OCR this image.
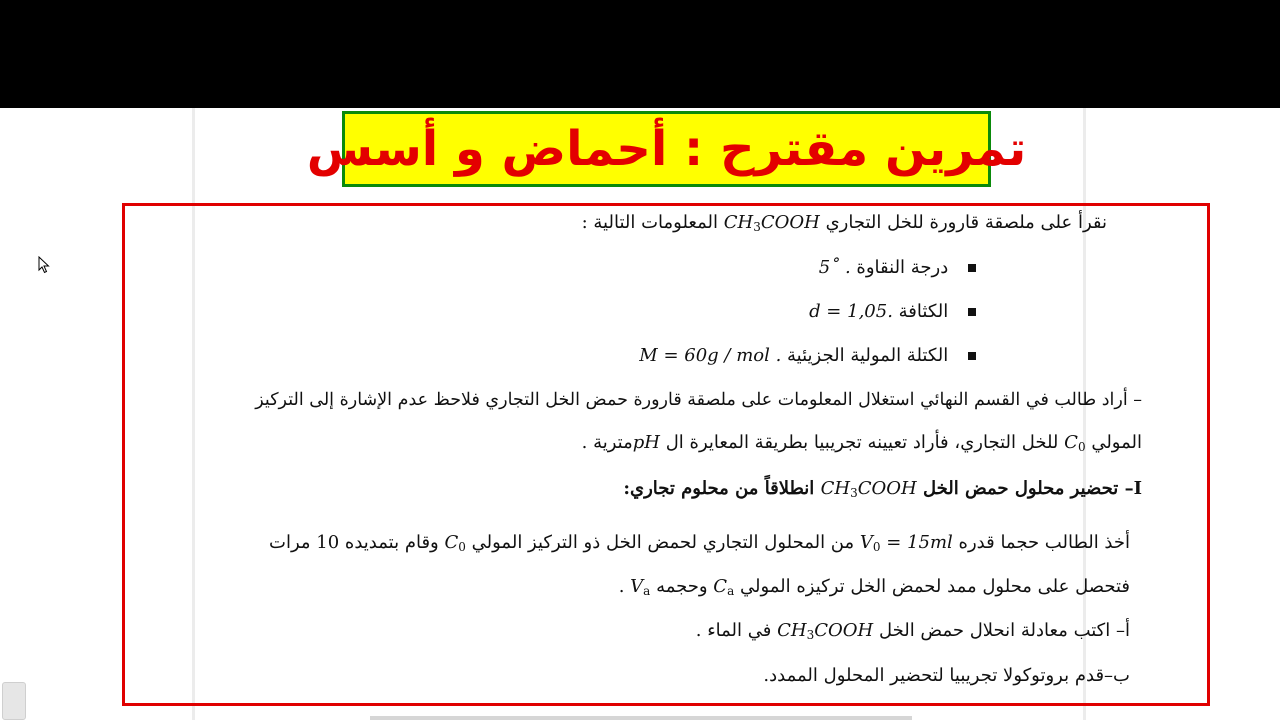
تمرين مقترح : أحماض و أسس
نقرأ على ملصقة قارورة للخل التجاري $CH_3COOH$ المعلومات التالية :
درجة النقاوة 5˚ .
الكثافة d = 1,05.
الكتلة المولية الجزيئية M = 60g / mol .
– أراد طالب في القسم النهائي استغلال المعلومات على ملصقة قارورة حمض الخل التجاري فلاحظ عدم الإشارة إلى التركيز
المولي $C_0$ للخل التجاري، فأراد تعيينه تجريبيا بطريقة المعايرة ال pHمترية .
I– تحضير محلول حمض الخل $CH_3COOH$ انطلاقاً من محلوم تجاري:
أخذ الطالب حجما قدره $V_0 = 15ml$ من المحلول التجاري لحمض الخل ذو التركيز المولي $C_0$ وقام بتمديده 10 مرات
فتحصل على محلول ممد لحمض الخل تركيزه المولي $C_a$ وحجمه $V_a$ .
أ– اكتب معادلة انحلال حمض الخل $CH_3COOH$ في الماء .
ب–قدم بروتوكولا تجريبيا لتحضير المحلول الممدد.
